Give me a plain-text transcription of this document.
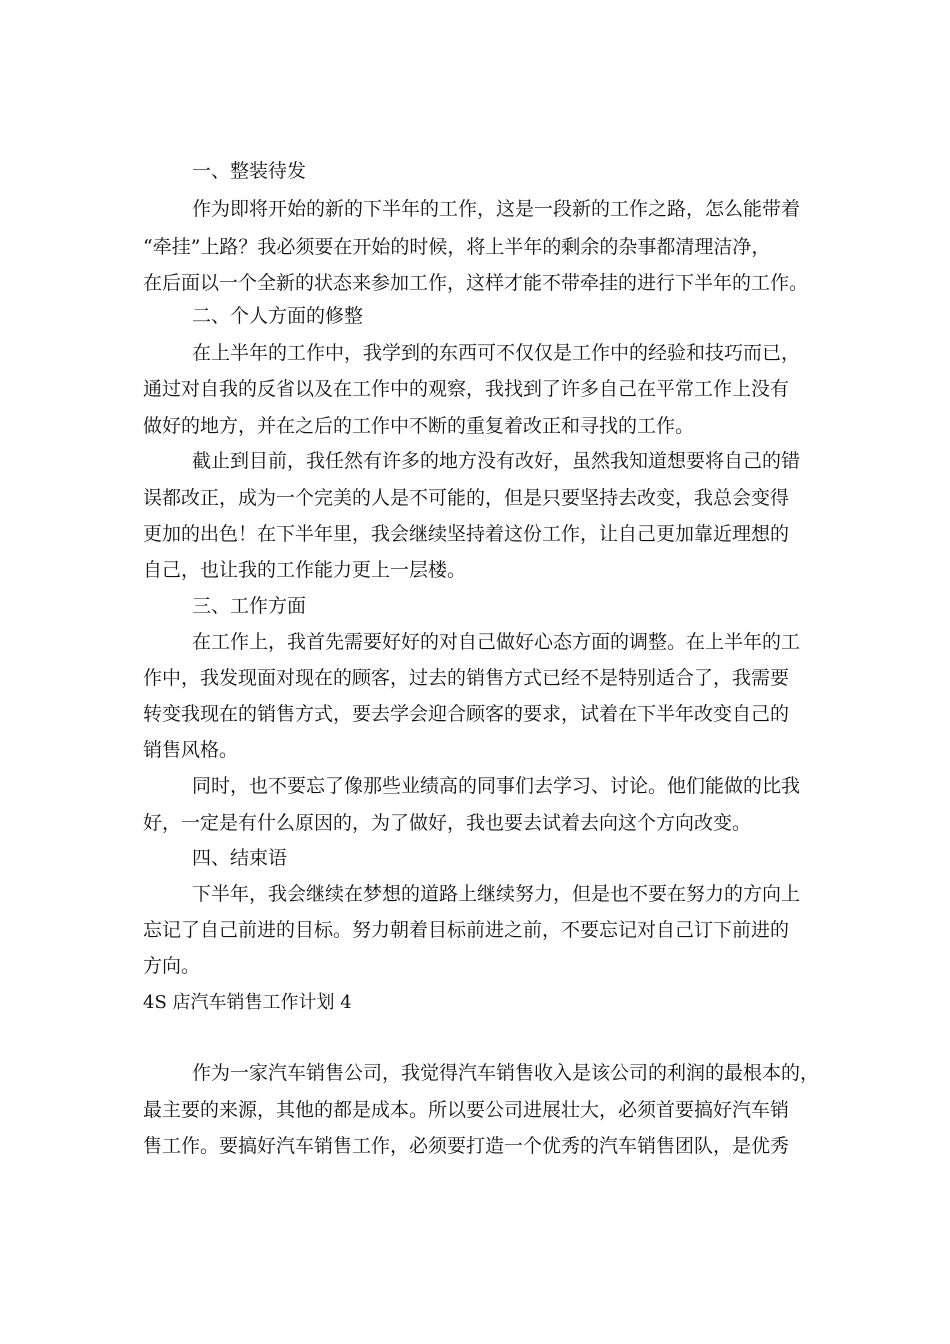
一、整装待发
作为即将开始的新的下半年的工作，这是一段新的工作之路，怎么能带着
“牵挂”上路？我必须要在开始的时候，将上半年的剩余的杂事都清理洁净，
在后面以一个全新的状态来参加工作，这样才能不带牵挂的进行下半年的工作。
二、个人方面的修整
在上半年的工作中，我学到的东西可不仅仅是工作中的经验和技巧而已，
通过对自我的反省以及在工作中的观察，我找到了许多自己在平常工作上没有
做好的地方，并在之后的工作中不断的重复着改正和寻找的工作。
截止到目前，我任然有许多的地方没有改好，虽然我知道想要将自己的错
误都改正，成为一个完美的人是不可能的，但是只要坚持去改变，我总会变得
更加的出色！在下半年里，我会继续坚持着这份工作，让自己更加靠近理想的
自己，也让我的工作能力更上一层楼。
三、工作方面
在工作上，我首先需要好好的对自己做好心态方面的调整。在上半年的工
作中，我发现面对现在的顾客，过去的销售方式已经不是特别适合了，我需要
转变我现在的销售方式，要去学会迎合顾客的要求，试着在下半年改变自己的
销售风格。
同时，也不要忘了像那些业绩高的同事们去学习、讨论。他们能做的比我
好，一定是有什么原因的，为了做好，我也要去试着去向这个方向改变。
四、结束语
下半年，我会继续在梦想的道路上继续努力，但是也不要在努力的方向上
忘记了自己前进的目标。努力朝着目标前进之前，不要忘记对自己订下前进的
方向。
4S 店汽车销售工作计划 4
作为一家汽车销售公司，我觉得汽车销售收入是该公司的利润的最根本的，
最主要的来源，其他的都是成本。所以要公司进展壮大，必须首要搞好汽车销
售工作。要搞好汽车销售工作，必须要打造一个优秀的汽车销售团队，是优秀
